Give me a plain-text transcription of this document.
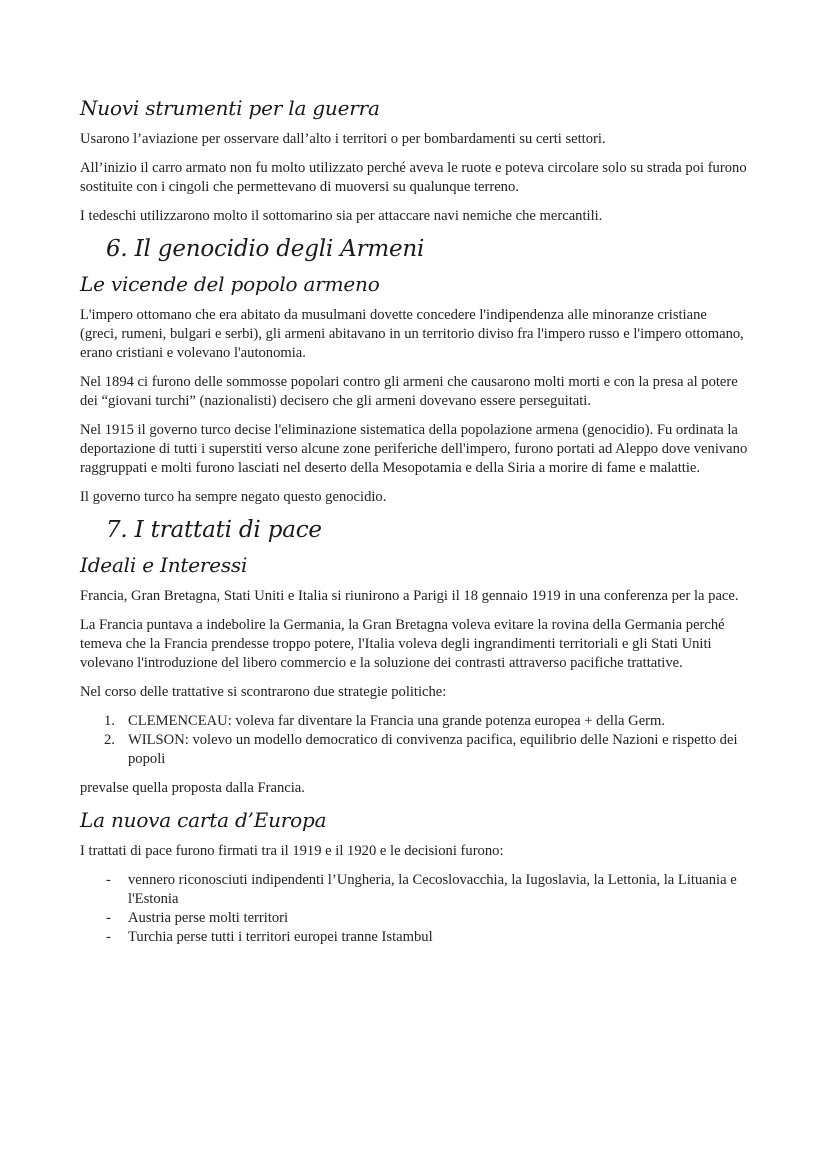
Nuovi strumenti per la guerra

Usarono l’aviazione per osservare dall’alto i territori o per bombardamenti su certi settori.

All’inizio il carro armato non fu molto utilizzato perché aveva le ruote e poteva circolare solo su strada poi furono sostituite con i cingoli che permettevano di muoversi su qualunque terreno.

I tedeschi utilizzarono molto il sottomarino sia per attaccare navi nemiche che mercantili.

6. Il genocidio degli Armeni
Le vicende del popolo armeno

L'impero ottomano che era abitato da musulmani dovette concedere l'indipendenza alle minoranze cristiane (greci, rumeni, bulgari e serbi), gli armeni abitavano in un territorio diviso fra l'impero russo e l'impero ottomano, erano cristiani e volevano l'autonomia.

Nel 1894 ci furono delle sommosse popolari contro gli armeni che causarono molti morti e con la presa al potere dei “giovani turchi” (nazionalisti) decisero che gli armeni dovevano essere perseguitati.

Nel 1915 il governo turco decise l'eliminazione sistematica della popolazione armena (genocidio). Fu ordinata la deportazione di tutti i superstiti verso alcune zone periferiche dell'impero, furono portati ad Aleppo dove venivano raggruppati e molti furono lasciati nel deserto della Mesopotamia e della Siria a morire di fame e malattie.

Il governo turco ha sempre negato questo genocidio.

7. I trattati di pace
Ideali e Interessi

Francia, Gran Bretagna, Stati Uniti e Italia si riunirono a Parigi il 18 gennaio 1919 in una conferenza per la pace.

La Francia puntava a indebolire la Germania, la Gran Bretagna voleva evitare la rovina della Germania perché temeva che la Francia prendesse troppo potere, l'Italia voleva degli ingrandimenti territoriali e gli Stati Uniti volevano l'introduzione del libero commercio e la soluzione dei contrasti attraverso pacifiche trattative.

Nel corso delle trattative si scontrarono due strategie politiche:

1. CLEMENCEAU: voleva far diventare la Francia una grande potenza europea + della Germ.
2. WILSON: volevo un modello democratico di convivenza pacifica, equilibrio delle Nazioni e rispetto dei popoli

prevalse quella proposta dalla Francia.

La nuova carta d’Europa

I trattati di pace furono firmati tra il 1919 e il 1920 e le decisioni furono:

- vennero riconosciuti indipendenti l’Ungheria, la Cecoslovacchia, la Iugoslavia, la Lettonia, la Lituania e l'Estonia
- Austria perse molti territori
- Turchia perse tutti i territori europei tranne Istambul
